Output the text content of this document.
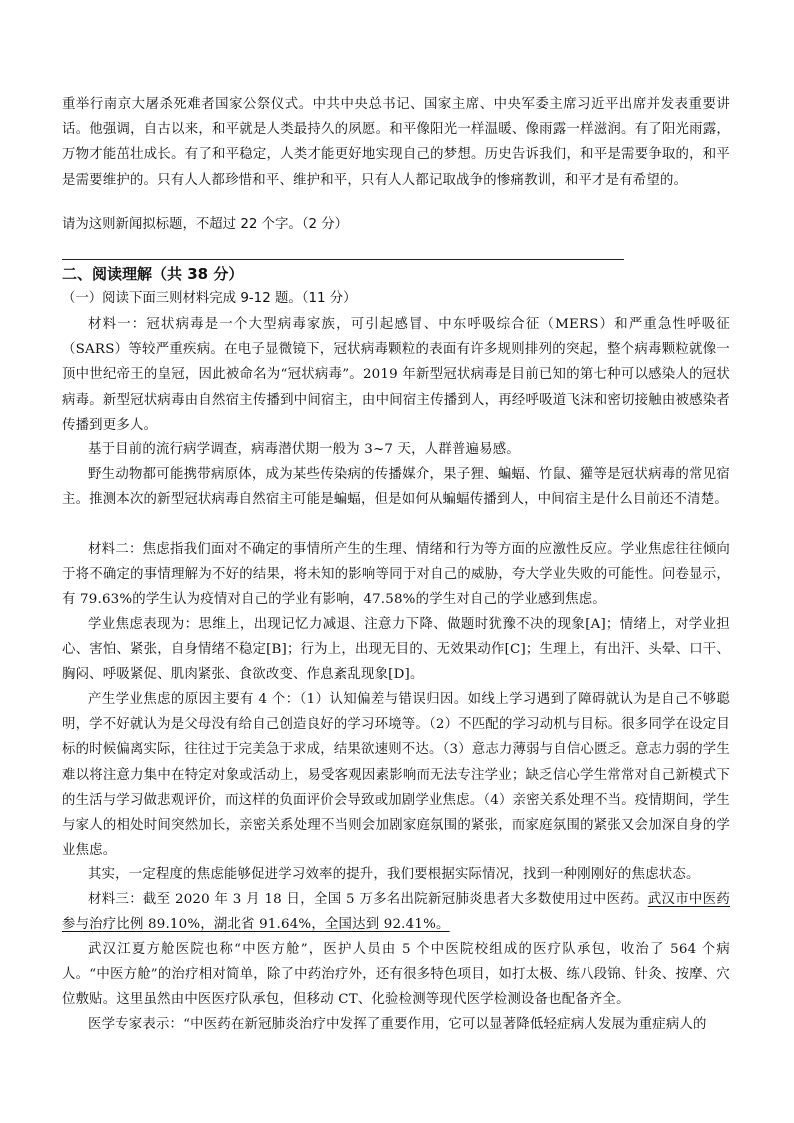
重举行南京大屠杀死难者国家公祭仪式。中共中央总书记、国家主席、中央军委主席习近平出席并发表重要讲话。他强调，自古以来，和平就是人类最持久的夙愿。和平像阳光一样温暖、像雨露一样滋润。有了阳光雨露，万物才能茁壮成长。有了和平稳定，人类才能更好地实现自己的梦想。历史告诉我们，和平是需要争取的，和平是需要维护的。只有人人都珍惜和平、维护和平，只有人人都记取战争的惨痛教训，和平才是有希望的。

请为这则新闻拟标题，不超过 22 个字。（2 分）

二、阅读理解（共 38 分）

（一）阅读下面三则材料完成 9-12 题。（11 分）

材料一：冠状病毒是一个大型病毒家族，可引起感冒、中东呼吸综合征（MERS）和严重急性呼吸征（SARS）等较严重疾病。在电子显微镜下，冠状病毒颗粒的表面有许多规则排列的突起，整个病毒颗粒就像一顶中世纪帝王的皇冠，因此被命名为“冠状病毒”。2019 年新型冠状病毒是目前已知的第七种可以感染人的冠状病毒。新型冠状病毒由自然宿主传播到中间宿主，由中间宿主传播到人，再经呼吸道飞沫和密切接触由被感染者传播到更多人。

基于目前的流行病学调查，病毒潜伏期一般为 3~7 天，人群普遍易感。

野生动物都可能携带病原体，成为某些传染病的传播媒介，果子狸、蝙蝠、竹鼠、獾等是冠状病毒的常见宿主。推测本次的新型冠状病毒自然宿主可能是蝙蝠，但是如何从蝙蝠传播到人，中间宿主是什么目前还不清楚。

材料二：焦虑指我们面对不确定的事情所产生的生理、情绪和行为等方面的应激性反应。学业焦虑往往倾向于将不确定的事情理解为不好的结果，将未知的影响等同于对自己的威胁，夸大学业失败的可能性。问卷显示，有 79.63%的学生认为疫情对自己的学业有影响，47.58%的学生对自己的学业感到焦虑。

学业焦虑表现为：思维上，出现记忆力减退、注意力下降、做题时犹豫不决的现象[A]；情绪上，对学业担心、害怕、紧张，自身情绪不稳定[B]；行为上，出现无目的、无效果动作[C]；生理上，有出汗、头晕、口干、胸闷、呼吸紧促、肌肉紧张、食欲改变、作息紊乱现象[D]。

产生学业焦虑的原因主要有 4 个：（1）认知偏差与错误归因。如线上学习遇到了障碍就认为是自己不够聪明，学不好就认为是父母没有给自己创造良好的学习环境等。（2）不匹配的学习动机与目标。很多同学在设定目标的时候偏离实际，往往过于完美急于求成，结果欲速则不达。（3）意志力薄弱与自信心匮乏。意志力弱的学生难以将注意力集中在特定对象或活动上，易受客观因素影响而无法专注学业；缺乏信心学生常常对自己新模式下的生活与学习做悲观评价，而这样的负面评价会导致或加剧学业焦虑。（4）亲密关系处理不当。疫情期间，学生与家人的相处时间突然加长，亲密关系处理不当则会加剧家庭氛围的紧张，而家庭氛围的紧张又会加深自身的学业焦虑。

其实，一定程度的焦虑能够促进学习效率的提升，我们要根据实际情况，找到一种刚刚好的焦虑状态。

材料三：截至 2020 年 3 月 18 日，全国 5 万多名出院新冠肺炎患者大多数使用过中医药。武汉市中医药参与治疗比例 89.10%，湖北省 91.64%，全国达到 92.41%。

武汉江夏方舱医院也称“中医方舱”，医护人员由 5 个中医院校组成的医疗队承包，收治了 564 个病人。“中医方舱”的治疗相对简单，除了中药治疗外，还有很多特色项目，如打太极、练八段锦、针灸、按摩、穴位敷贴。这里虽然由中医医疗队承包，但移动 CT、化验检测等现代医学检测设备也配备齐全。

医学专家表示：“中医药在新冠肺炎治疗中发挥了重要作用，它可以显著降低轻症病人发展为重症病人的
